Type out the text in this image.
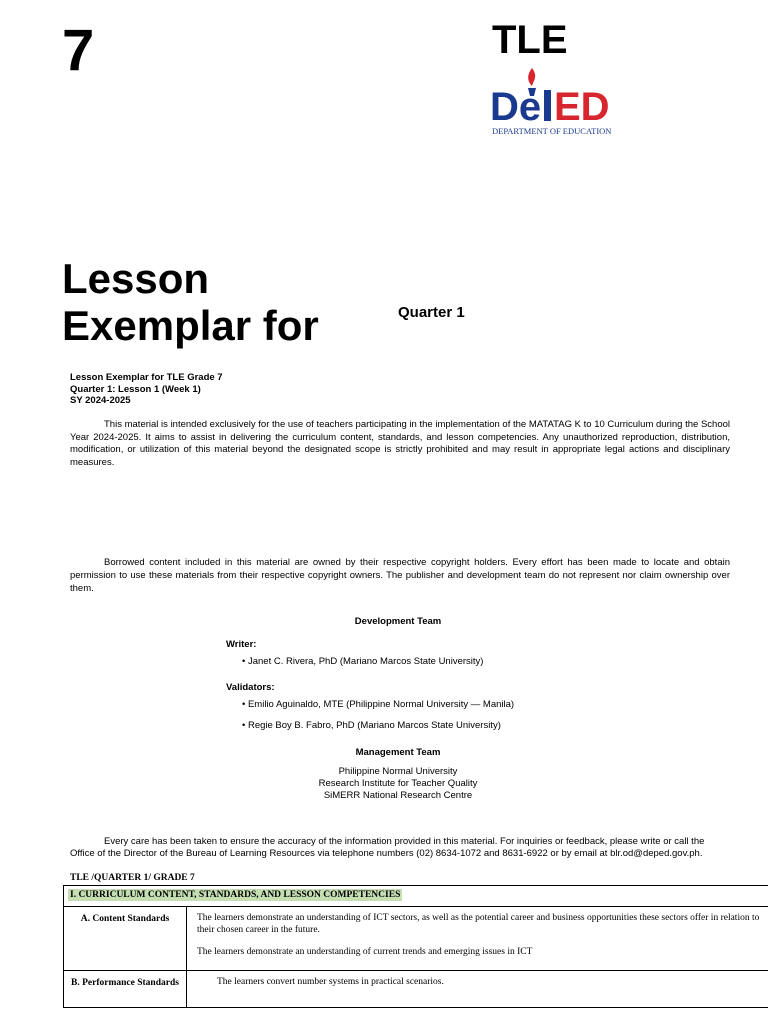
7	TLE
De ED
DEPARTMENT OF EDUCATION
Lesson
Exemplar for	Quarter 1
Lesson Exemplar for TLE Grade 7
Quarter 1: Lesson 1 (Week 1)
SY 2024-2025
This material is intended exclusively for the use of teachers participating in the implementation of the MATATAG K to 10 Curriculum during the School Year 2024-2025. It aims to assist in delivering the curriculum content, standards, and lesson competencies. Any unauthorized reproduction, distribution, modification, or utilization of this material beyond the designated scope is strictly prohibited and may result in appropriate legal actions and disciplinary measures.
Borrowed content included in this material are owned by their respective copyright holders. Every effort has been made to locate and obtain permission to use these materials from their respective copyright owners. The publisher and development team do not represent nor claim ownership over them.
Development Team
Writer:
• Janet C. Rivera, PhD (Mariano Marcos State University)
Validators:
• Emilio Aguinaldo, MTE (Philippine Normal University — Manila)
• Regie Boy B. Fabro, PhD (Mariano Marcos State University)
Management Team
Philippine Normal University
Research Institute for Teacher Quality
SiMERR National Research Centre
Every care has been taken to ensure the accuracy of the information provided in this material. For inquiries or feedback, please write or call the Office of the Director of the Bureau of Learning Resources via telephone numbers (02) 8634-1072 and 8631-6922 or by email at blr.od@deped.gov.ph.
TLE /QUARTER 1/ GRADE 7
I. CURRICULUM CONTENT, STANDARDS, AND LESSON COMPETENCIES	
A. Content Standards	The learners demonstrate an understanding of ICT sectors, as well as the potential career and business opportunities these sectors offer in relation to their chosen career in the future.

The learners demonstrate an understanding of current trends and emerging issues in ICT

B. Performance Standards	The learners convert number systems in practical scenarios.
